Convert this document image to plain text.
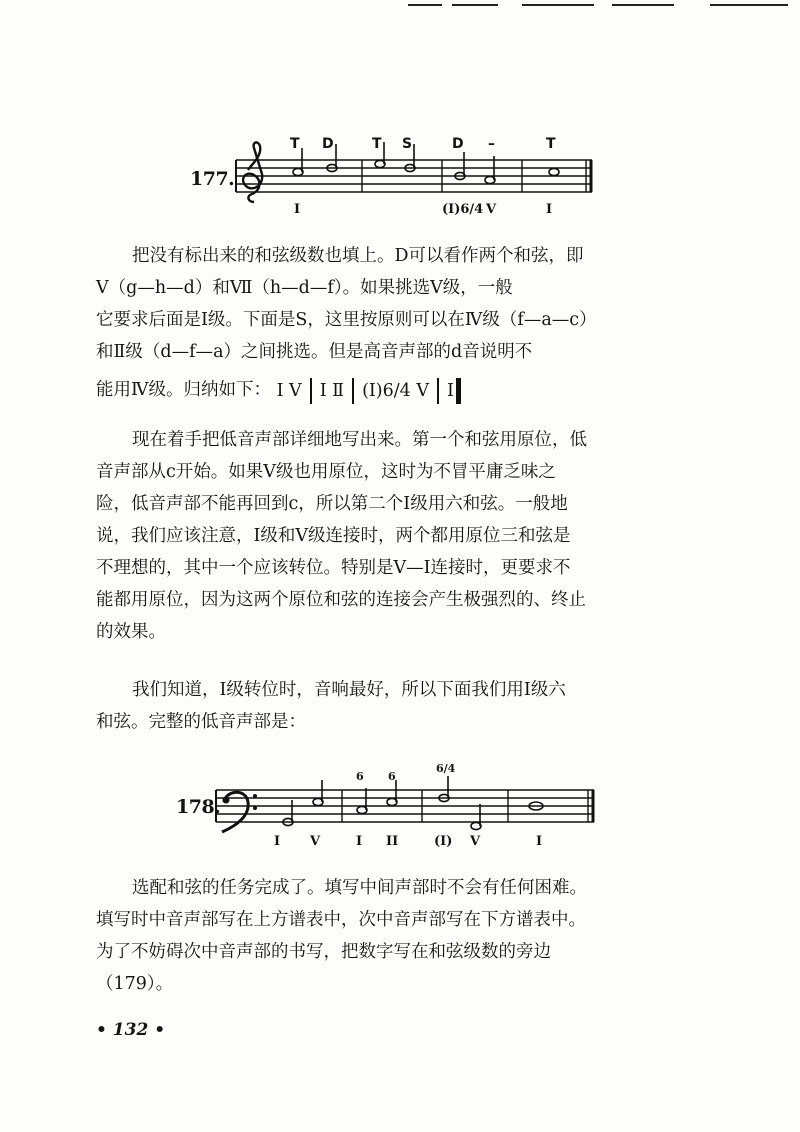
177.
T D	T S	D –	T
I	(I)6/4 V	I
把没有标出来的和弦级数也填上。D可以看作两个和弦，即
Ⅴ（g—h—d）和Ⅶ（h—d—f）。如果挑选Ⅴ级，一般
它要求后面是Ⅰ级。下面是S，这里按原则可以在Ⅳ级（f—a—c）
和Ⅱ级（d—f—a）之间挑选。但是高音声部的d音说明不
能用Ⅳ级。归纳如下： Ⅰ Ⅴ Ⅰ Ⅱ (Ⅰ)6/4 Ⅴ Ⅰ
现在着手把低音声部详细地写出来。第一个和弦用原位，低
音声部从c开始。如果Ⅴ级也用原位，这时为不冒平庸乏味之
险，低音声部不能再回到c，所以第二个Ⅰ级用六和弦。一般地
说，我们应该注意，Ⅰ级和Ⅴ级连接时，两个都用原位三和弦是
不理想的，其中一个应该转位。特别是Ⅴ—Ⅰ连接时，更要求不
能都用原位，因为这两个原位和弦的连接会产生极强烈的、终止
的效果。
我们知道，Ⅰ级转位时，音响最好，所以下面我们用Ⅰ级六
和弦。完整的低音声部是：
178.
6 6
6/4
I V	I II	(I) V	I
选配和弦的任务完成了。填写中间声部时不会有任何困难。
填写时中音声部写在上方谱表中，次中音声部写在下方谱表中。
为了不妨碍次中音声部的书写，把数字写在和弦级数的旁边
（179）。
• 132 •
